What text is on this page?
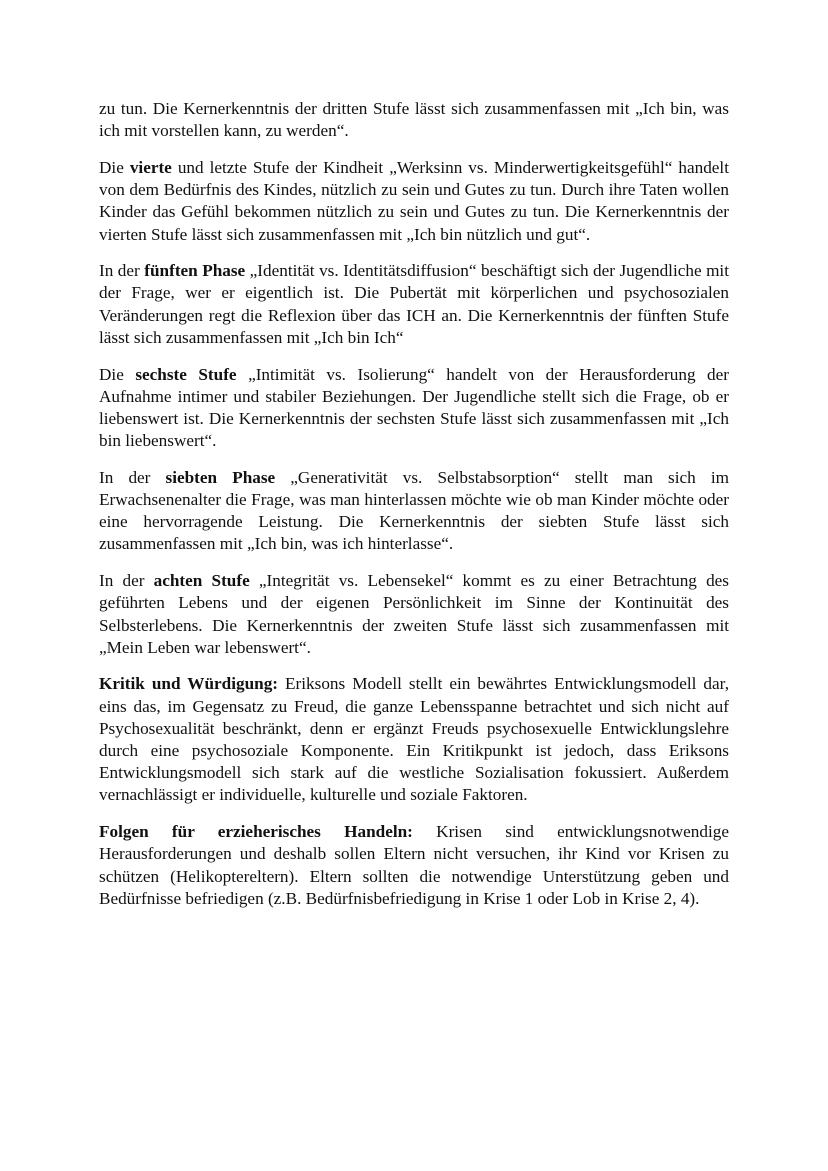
zu tun. Die Kernerkenntnis der dritten Stufe lässt sich zusammenfassen mit „Ich bin, was ich mit vorstellen kann, zu werden“.

Die vierte und letzte Stufe der Kindheit „Werksinn vs. Minderwertigkeitsgefühl“ handelt von dem Bedürfnis des Kindes, nützlich zu sein und Gutes zu tun. Durch ihre Taten wollen Kinder das Gefühl bekommen nützlich zu sein und Gutes zu tun. Die Kernerkenntnis der vierten Stufe lässt sich zusammenfassen mit „Ich bin nützlich und gut“.

In der fünften Phase „Identität vs. Identitätsdiffusion“ beschäftigt sich der Jugendliche mit der Frage, wer er eigentlich ist. Die Pubertät mit körperlichen und psychosozialen Veränderungen regt die Reflexion über das ICH an. Die Kernerkenntnis der fünften Stufe lässt sich zusammenfassen mit „Ich bin Ich“

Die sechste Stufe „Intimität vs. Isolierung“ handelt von der Herausforderung der Aufnahme intimer und stabiler Beziehungen. Der Jugendliche stellt sich die Frage, ob er liebenswert ist. Die Kernerkenntnis der sechsten Stufe lässt sich zusammenfassen mit „Ich bin liebenswert“.

In der siebten Phase „Generativität vs. Selbstabsorption“ stellt man sich im Erwachsenenalter die Frage, was man hinterlassen möchte wie ob man Kinder möchte oder eine hervorragende Leistung. Die Kernerkenntnis der siebten Stufe lässt sich zusammenfassen mit „Ich bin, was ich hinterlasse“.

In der achten Stufe „Integrität vs. Lebensekel“ kommt es zu einer Betrachtung des geführten Lebens und der eigenen Persönlichkeit im Sinne der Kontinuität des Selbsterlebens. Die Kernerkenntnis der zweiten Stufe lässt sich zusammenfassen mit „Mein Leben war lebenswert“.

Kritik und Würdigung: Eriksons Modell stellt ein bewährtes Entwicklungsmodell dar, eins das, im Gegensatz zu Freud, die ganze Lebensspanne betrachtet und sich nicht auf Psychosexualität beschränkt, denn er ergänzt Freuds psychosexuelle Entwicklungslehre durch eine psychosoziale Komponente. Ein Kritikpunkt ist jedoch, dass Eriksons Entwicklungsmodell sich stark auf die westliche Sozialisation fokussiert. Außerdem vernachlässigt er individuelle, kulturelle und soziale Faktoren.

Folgen für erzieherisches Handeln: Krisen sind entwicklungsnotwendige Herausforderungen und deshalb sollen Eltern nicht versuchen, ihr Kind vor Krisen zu schützen (Helikoptereltern). Eltern sollten die notwendige Unterstützung geben und Bedürfnisse befriedigen (z.B. Bedürfnisbefriedigung in Krise 1 oder Lob in Krise 2, 4).
